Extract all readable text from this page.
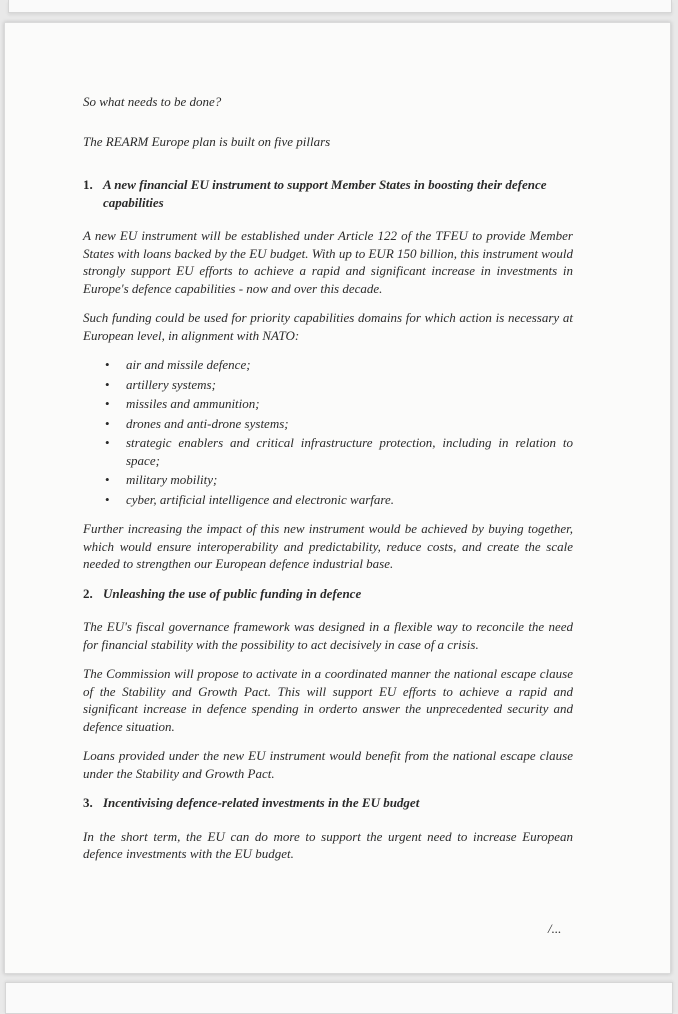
So what needs to be done?

The REARM Europe plan is built on five pillars

1. A new financial EU instrument to support Member States in boosting their defence capabilities

A new EU instrument will be established under Article 122 of the TFEU to provide Member States with loans backed by the EU budget. With up to EUR 150 billion, this instrument would strongly support EU efforts to achieve a rapid and significant increase in investments in Europe's defence capabilities - now and over this decade.

Such funding could be used for priority capabilities domains for which action is necessary at European level, in alignment with NATO:

•	air and missile defence;
•	artillery systems;
•	missiles and ammunition;
•	drones and anti-drone systems;
•	strategic enablers and critical infrastructure protection, including in relation to space;
•	military mobility;
•	cyber, artificial intelligence and electronic warfare.

Further increasing the impact of this new instrument would be achieved by buying together, which would ensure interoperability and predictability, reduce costs, and create the scale needed to strengthen our European defence industrial base.

2. Unleashing the use of public funding in defence

The EU's fiscal governance framework was designed in a flexible way to reconcile the need for financial stability with the possibility to act decisively in case of a crisis.

The Commission will propose to activate in a coordinated manner the national escape clause of the Stability and Growth Pact. This will support EU efforts to achieve a rapid and significant increase in defence spending in orderto answer the unprecedented security and defence situation.

Loans provided under the new EU instrument would benefit from the national escape clause under the Stability and Growth Pact.

3. Incentivising defence-related investments in the EU budget

In the short term, the EU can do more to support the urgent need to increase European defence investments with the EU budget.

/...
